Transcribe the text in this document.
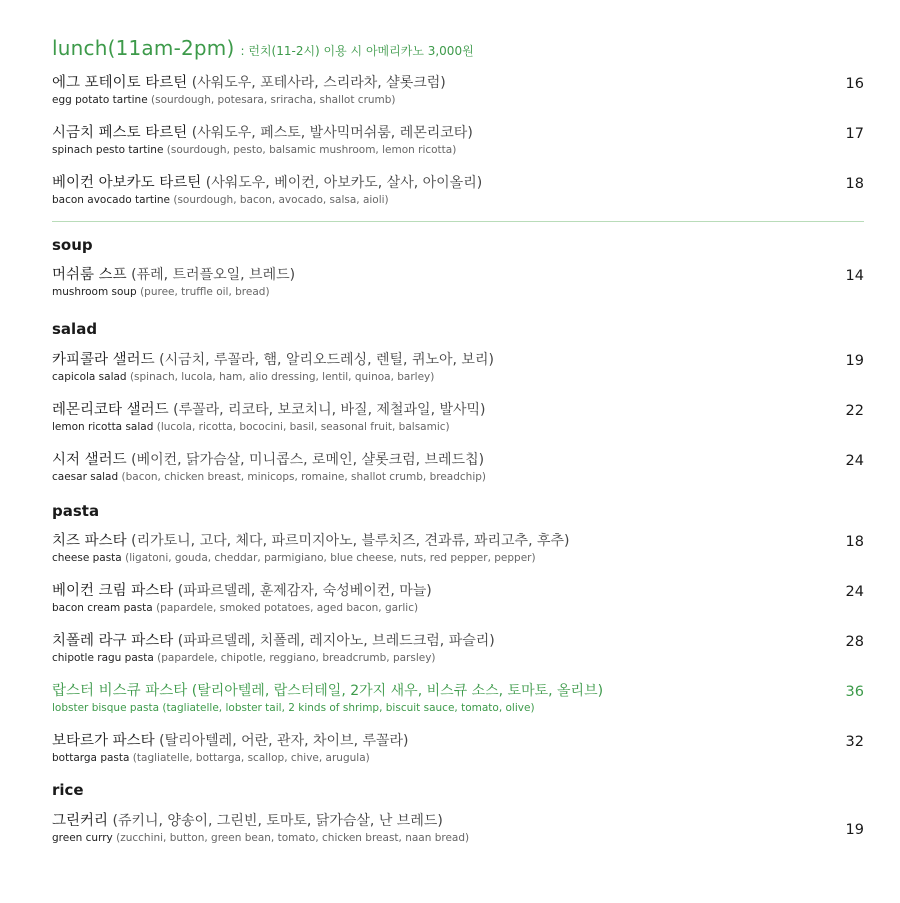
lunch(11am-2pm) : 런치(11-2시) 이용 시 아메리카노 3,000원
에그 포테이토 타르틴 (사워도우, 포테사라, 스리라차, 샬롯크럼)
egg potato tartine (sourdough, potesara, sriracha, shallot crumb)
16
시금치 페스토 타르틴 (사워도우, 페스토, 발사믹머쉬룸, 레몬리코타)
spinach pesto tartine (sourdough, pesto, balsamic mushroom, lemon ricotta)
17
베이컨 아보카도 타르틴 (사워도우, 베이컨, 아보카도, 살사, 아이올리)
bacon avocado tartine (sourdough, bacon, avocado, salsa, aioli)
18
soup
머쉬룸 스프 (퓨레, 트러플오일, 브레드)
mushroom soup (puree, truffle oil, bread)
14
salad
카피콜라 샐러드 (시금치, 루꼴라, 햄, 알리오드레싱, 렌틸, 퀴노아, 보리)
capicola salad (spinach, lucola, ham, alio dressing, lentil, quinoa, barley)
19
레몬리코타 샐러드 (루꼴라, 리코타, 보코치니, 바질, 제철과일, 발사믹)
lemon ricotta salad (lucola, ricotta, bococini, basil, seasonal fruit, balsamic)
22
시저 샐러드 (베이컨, 닭가슴살, 미니콥스, 로메인, 샬롯크럼, 브레드칩)
caesar salad (bacon, chicken breast, minicops, romaine, shallot crumb, breadchip)
24
pasta
치즈 파스타 (리가토니, 고다, 체다, 파르미지아노, 블루치즈, 견과류, 꽈리고추, 후추)
cheese pasta (ligatoni, gouda, cheddar, parmigiano, blue cheese, nuts, red pepper, pepper)
18
베이컨 크림 파스타 (파파르델레, 훈제감자, 숙성베이컨, 마늘)
bacon cream pasta (papardele, smoked potatoes, aged bacon, garlic)
24
치폴레 라구 파스타 (파파르델레, 치폴레, 레지아노, 브레드크럼, 파슬리)
chipotle ragu pasta (papardele, chipotle, reggiano, breadcrumb, parsley)
28
랍스터 비스큐 파스타 (탈리아텔레, 랍스터테일, 2가지 새우, 비스큐 소스, 토마토, 올리브)
lobster bisque pasta (tagliatelle, lobster tail, 2 kinds of shrimp, biscuit sauce, tomato, olive)
36
보타르가 파스타 (탈리아텔레, 어란, 관자, 차이브, 루꼴라)
bottarga pasta (tagliatelle, bottarga, scallop, chive, arugula)
32
rice
그린커리 (쥬키니, 양송이, 그린빈, 토마토, 닭가슴살, 난 브레드)
green curry (zucchini, button, green bean, tomato, chicken breast, naan bread)	19
